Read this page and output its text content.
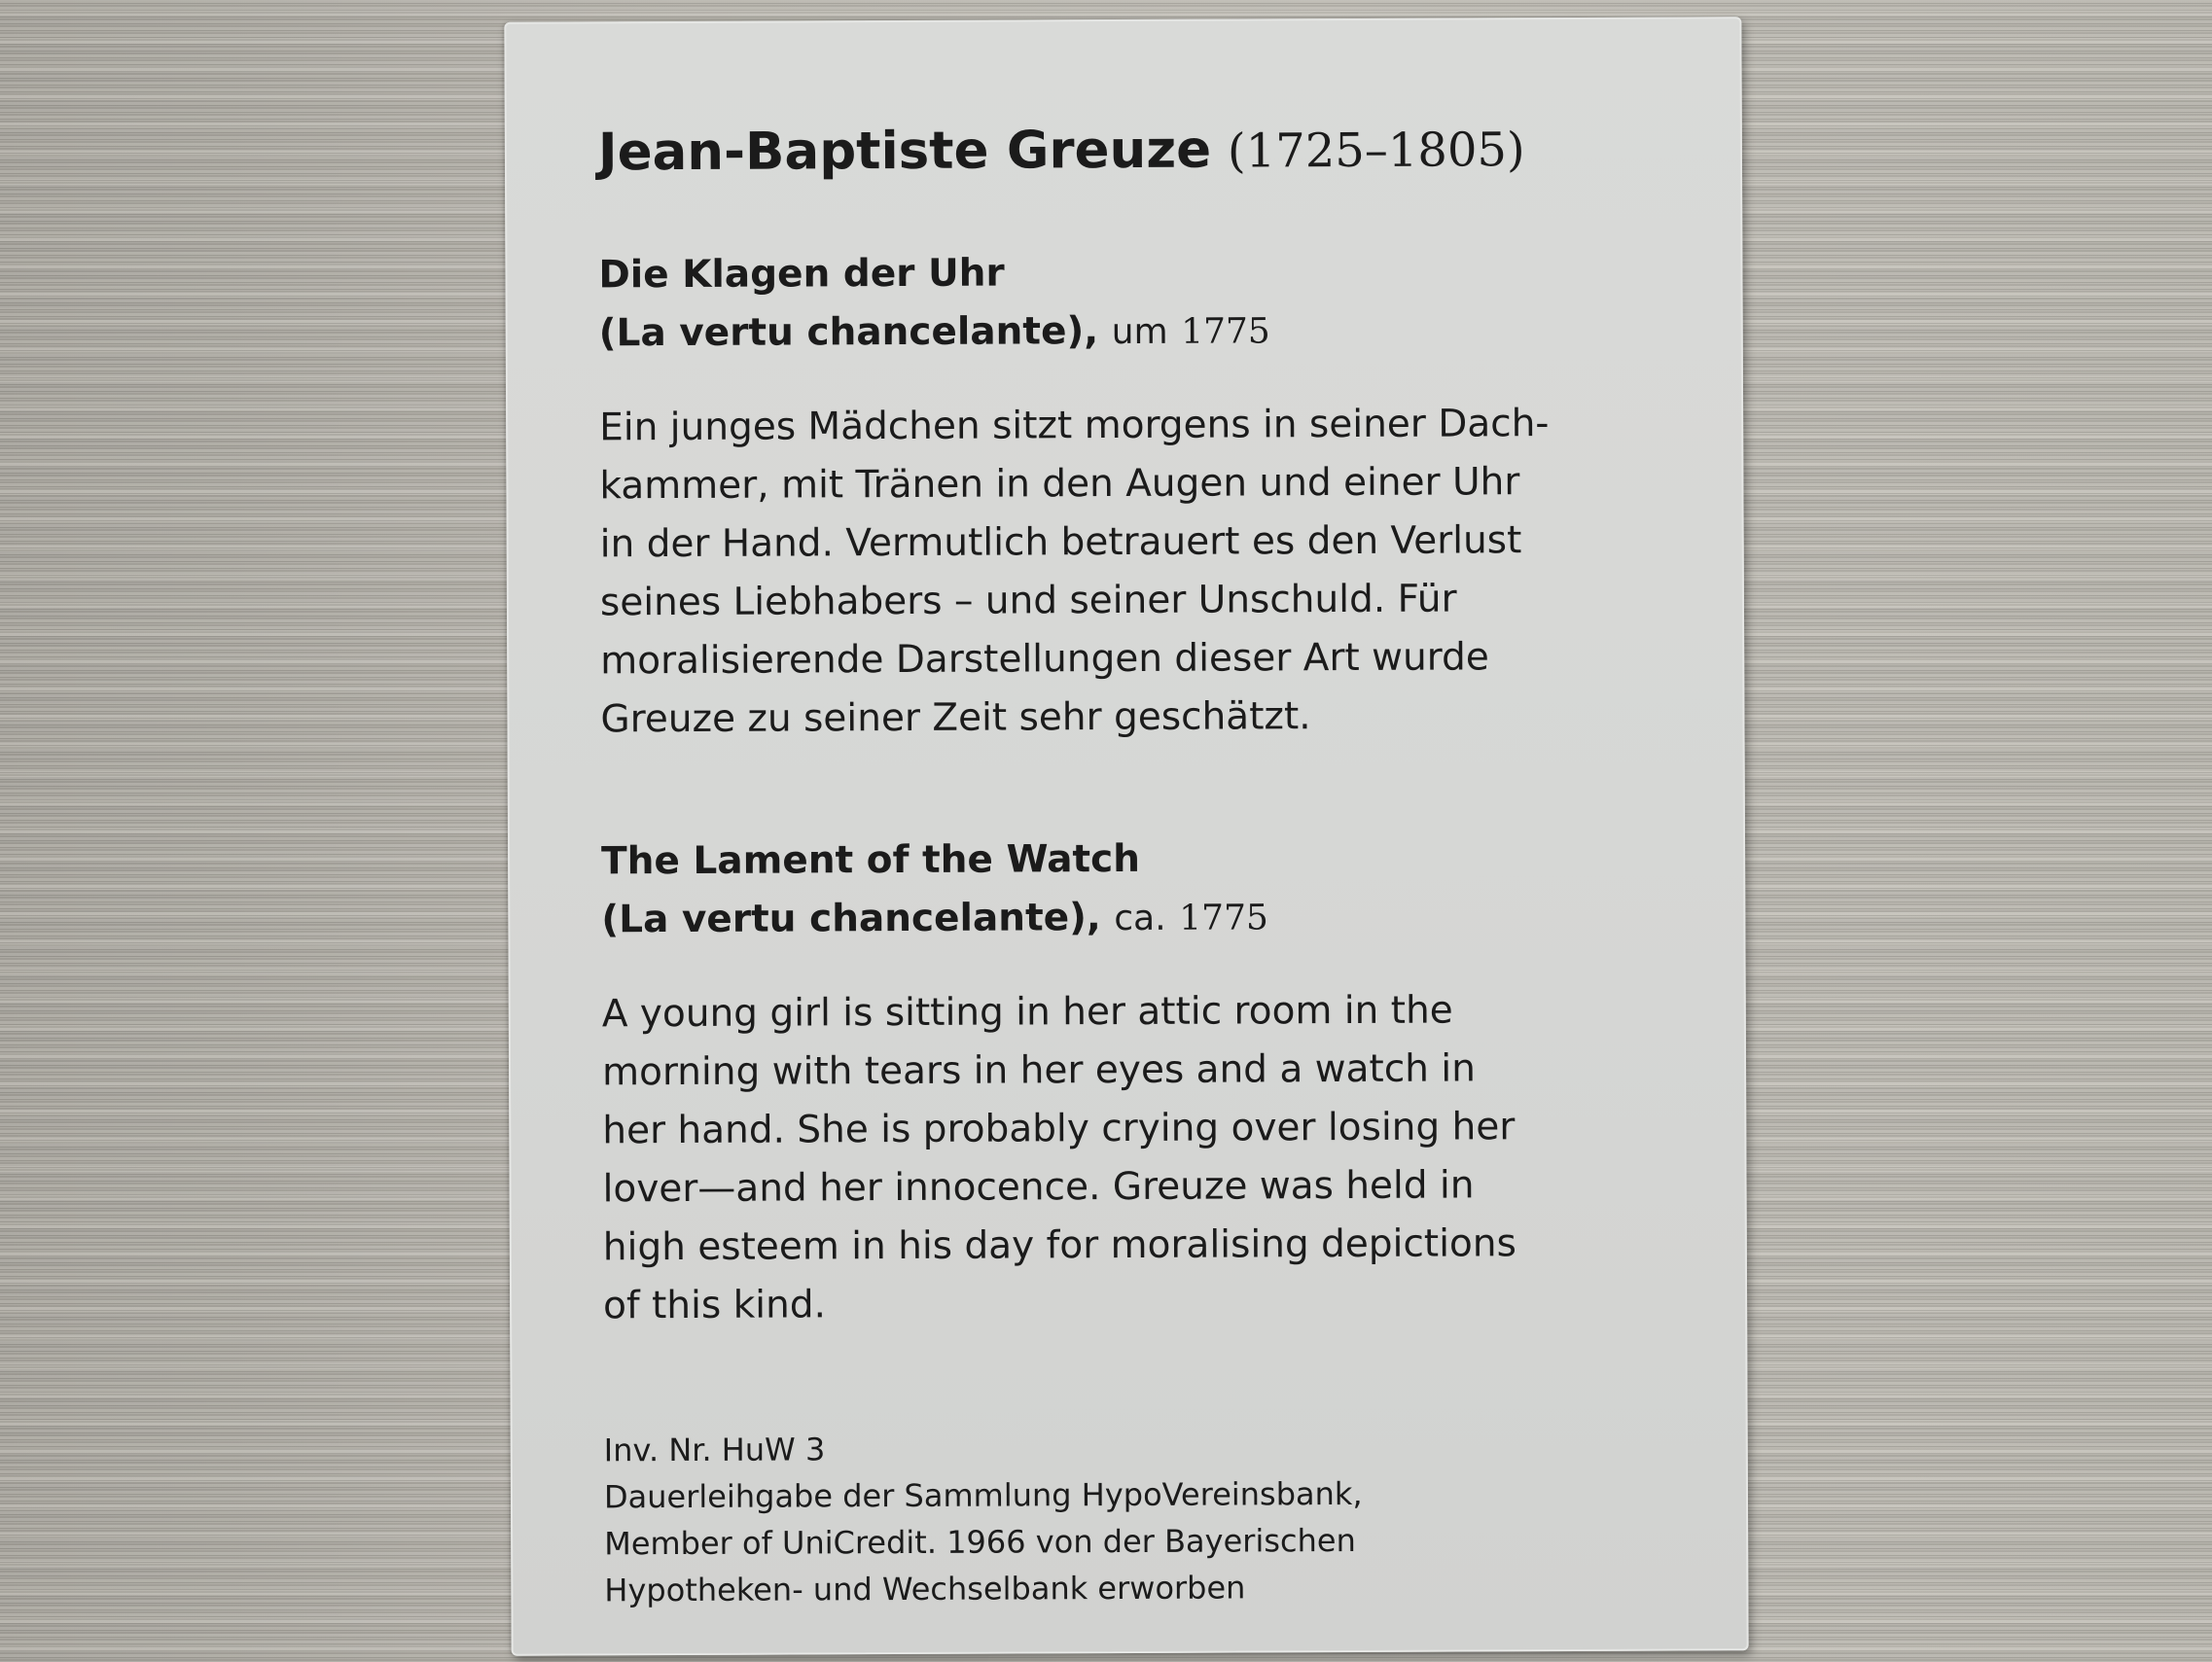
Jean-Baptiste Greuze (1725–1805)
Die Klagen der Uhr
(La vertu chancelante), um 1775
Ein junges Mädchen sitzt morgens in seiner Dach-
kammer, mit Tränen in den Augen und einer Uhr
in der Hand. Vermutlich betrauert es den Verlust
seines Liebhabers – und seiner Unschuld. Für
moralisierende Darstellungen dieser Art wurde
Greuze zu seiner Zeit sehr geschätzt.
The Lament of the Watch
(La vertu chancelante), ca. 1775
A young girl is sitting in her attic room in the
morning with tears in her eyes and a watch in
her hand. She is probably crying over losing her
lover—and her innocence. Greuze was held in
high esteem in his day for moralising depictions
of this kind.
Inv. Nr. HuW 3
Dauerleihgabe der Sammlung HypoVereinsbank,
Member of UniCredit. 1966 von der Bayerischen
Hypotheken- und Wechselbank erworben
